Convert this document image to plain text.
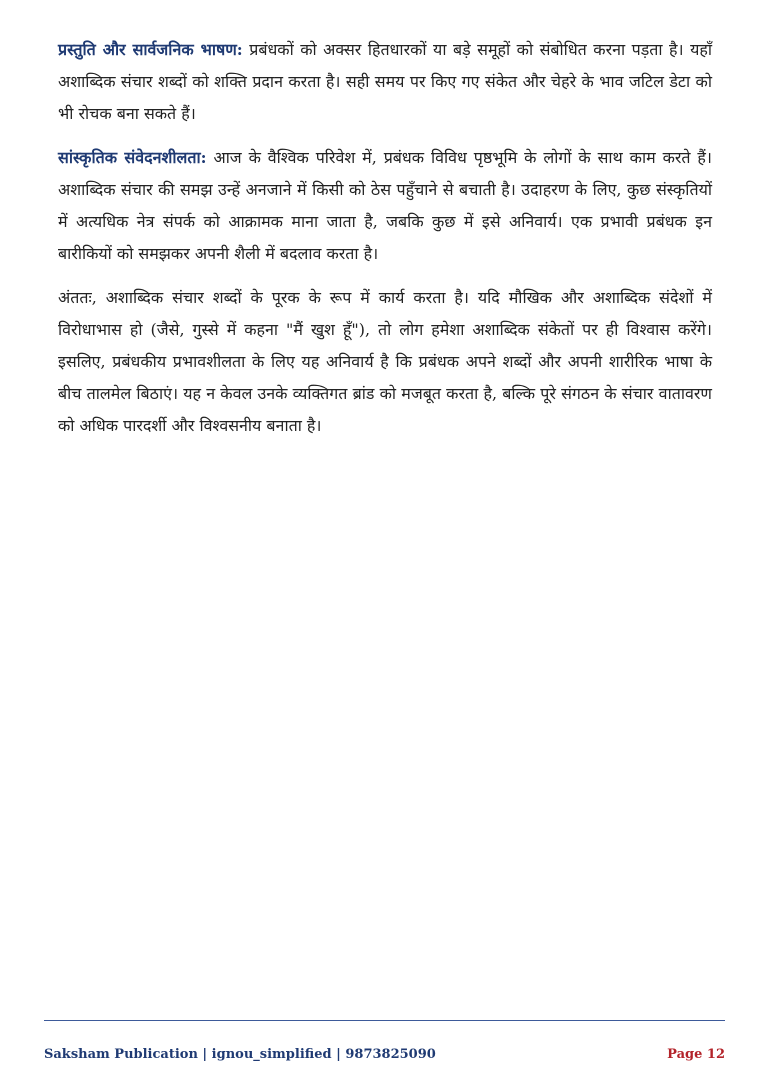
प्रस्तुति और सार्वजनिक भाषण: प्रबंधकों को अक्सर हितधारकों या बड़े समूहों को संबोधित करना पड़ता है। यहाँ अशाब्दिक संचार शब्दों को शक्ति प्रदान करता है। सही समय पर किए गए संकेत और चेहरे के भाव जटिल डेटा को भी रोचक बना सकते हैं।

सांस्कृतिक संवेदनशीलता: आज के वैश्विक परिवेश में, प्रबंधक विविध पृष्ठभूमि के लोगों के साथ काम करते हैं। अशाब्दिक संचार की समझ उन्हें अनजाने में किसी को ठेस पहुँचाने से बचाती है। उदाहरण के लिए, कुछ संस्कृतियों में अत्यधिक नेत्र संपर्क को आक्रामक माना जाता है, जबकि कुछ में इसे अनिवार्य। एक प्रभावी प्रबंधक इन बारीकियों को समझकर अपनी शैली में बदलाव करता है।

अंततः, अशाब्दिक संचार शब्दों के पूरक के रूप में कार्य करता है। यदि मौखिक और अशाब्दिक संदेशों में विरोधाभास हो (जैसे, गुस्से में कहना "मैं खुश हूँ"), तो लोग हमेशा अशाब्दिक संकेतों पर ही विश्वास करेंगे। इसलिए, प्रबंधकीय प्रभावशीलता के लिए यह अनिवार्य है कि प्रबंधक अपने शब्दों और अपनी शारीरिक भाषा के बीच तालमेल बिठाएं। यह न केवल उनके व्यक्तिगत ब्रांड को मजबूत करता है, बल्कि पूरे संगठन के संचार वातावरण को अधिक पारदर्शी और विश्वसनीय बनाता है।

Saksham Publication | ignou_simplified | 9873825090	Page 12
